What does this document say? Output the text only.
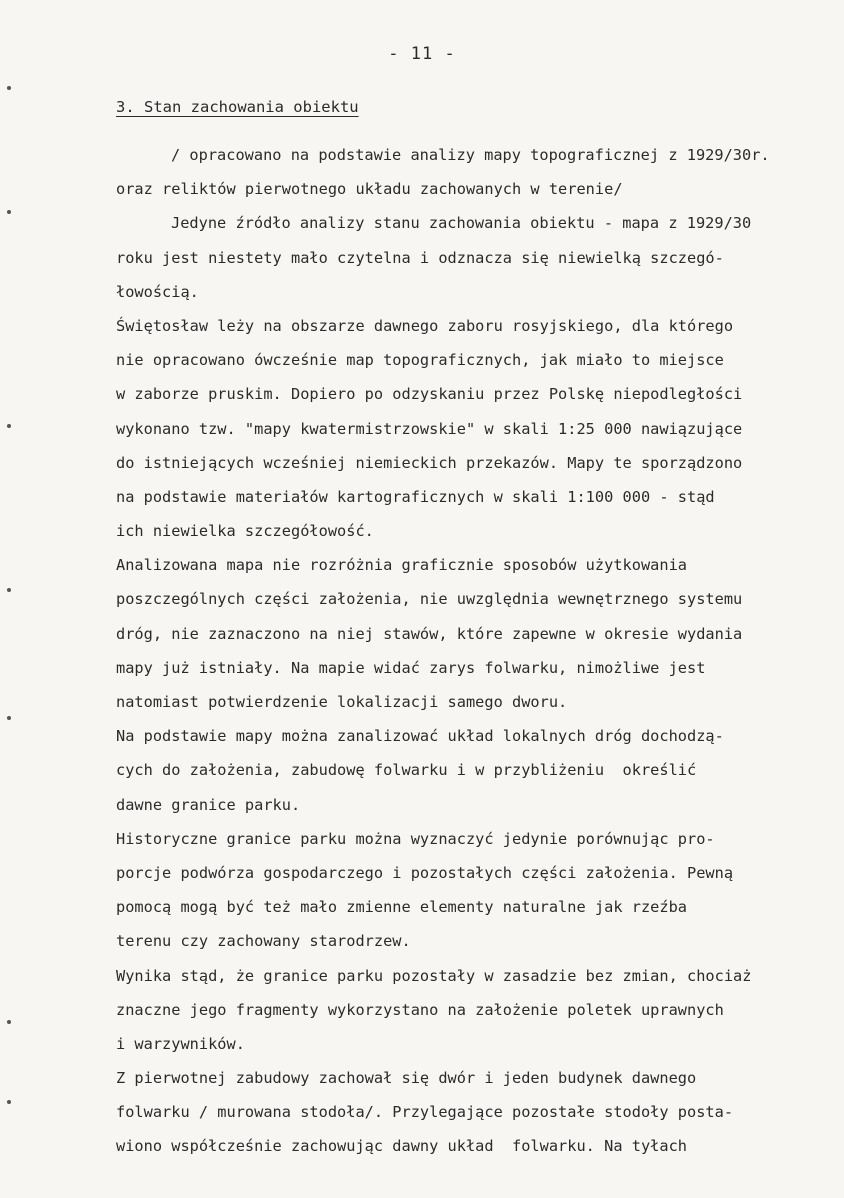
- 11 -
3. Stan zachowania obiektu
/ opracowano na podstawie analizy mapy topograficznej z 1929/30r.
oraz reliktów pierwotnego układu zachowanych w terenie/
Jedyne źródło analizy stanu zachowania obiektu - mapa z 1929/30
roku jest niestety mało czytelna i odznacza się niewielką szczegó-
łowością.
Świętosław leży na obszarze dawnego zaboru rosyjskiego, dla którego
nie opracowano ówcześnie map topograficznych, jak miało to miejsce
w zaborze pruskim. Dopiero po odzyskaniu przez Polskę niepodległości
wykonano tzw. "mapy kwatermistrzowskie" w skali 1:25 000 nawiązujące
do istniejących wcześniej niemieckich przekazów. Mapy te sporządzono
na podstawie materiałów kartograficznych w skali 1:100 000 - stąd
ich niewielka szczegółowość.
Analizowana mapa nie rozróżnia graficznie sposobów użytkowania
poszczególnych części założenia, nie uwzględnia wewnętrznego systemu
dróg, nie zaznaczono na niej stawów, które zapewne w okresie wydania
mapy już istniały. Na mapie widać zarys folwarku, nimożliwe jest
natomiast potwierdzenie lokalizacji samego dworu.
Na podstawie mapy można zanalizować układ lokalnych dróg dochodzą-
cych do założenia, zabudowę folwarku i w przybliżeniu  określić
dawne granice parku.
Historyczne granice parku można wyznaczyć jedynie porównując pro-
porcje podwórza gospodarczego i pozostałych części założenia. Pewną
pomocą mogą być też mało zmienne elementy naturalne jak rzeźba
terenu czy zachowany starodrzew.
Wynika stąd, że granice parku pozostały w zasadzie bez zmian, chociaż
znaczne jego fragmenty wykorzystano na założenie poletek uprawnych
i warzywników.
Z pierwotnej zabudowy zachował się dwór i jeden budynek dawnego
folwarku / murowana stodoła/. Przylegające pozostałe stodoły posta-
wiono współcześnie zachowując dawny układ  folwarku. Na tyłach
